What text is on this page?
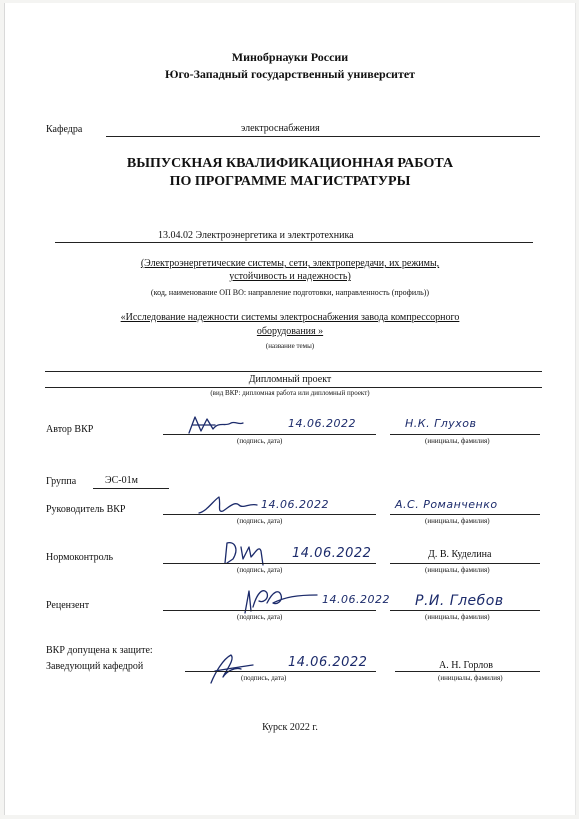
Минобрнауки России
Юго-Западный государственный университет
Кафедра	электроснабжения
ВЫПУСКНАЯ КВАЛИФИКАЦИОННАЯ РАБОТА
ПО ПРОГРАММЕ МАГИСТРАТУРЫ
13.04.02 Электроэнергетика и электротехника
(Электроэнергетические системы, сети, электропередачи, их режимы,
устойчивость и надежность)
(код, наименование ОП ВО: направление подготовки, направленность (профиль))
«Исследование надежности системы электроснабжения завода компрессорного
оборудования »
(название темы)
Дипломный проект
(вид ВКР: дипломная работа или дипломный проект)
Автор ВКР	14.06.2022
(подпись, дата)
Н.К. Глухов
(инициалы, фамилия)
Группа	ЭС-01м
Руководитель ВКР	14.06.2022
(подпись, дата)
А.С. Романченко
(инициалы, фамилия)
Нормоконтроль	14.06.2022
(подпись, дата)
Д. В. Куделина
(инициалы, фамилия)
Рецензент	14.06.2022
(подпись, дата)
Р.И. Глебов
(инициалы, фамилия)
ВКР допущена к защите:
Заведующий кафедрой	14.06.2022
(подпись, дата)
А. Н. Горлов
(инициалы, фамилия)
Курск 2022 г.
